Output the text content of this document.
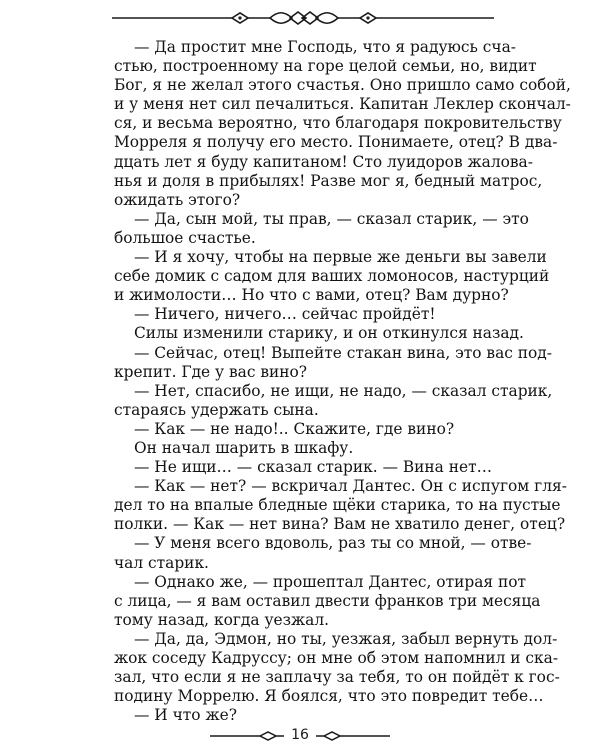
— Да простит мне Господь, что я радуюсь сча-
стью, построенному на горе целой семьи, но, видит
Бог, я не желал этого счастья. Оно пришло само собой,
и у меня нет сил печалиться. Капитан Леклер скончал-
ся, и весьма вероятно, что благодаря покровительству
Морреля я получу его место. Понимаете, отец? В два-
дцать лет я буду капитаном! Сто луидоров жалова-
нья и доля в прибылях! Разве мог я, бедный матрос,
ожидать этого?

— Да, сын мой, ты прав, — сказал старик, — это
большое счастье.

— И я хочу, чтобы на первые же деньги вы завели
себе домик с садом для ваших ломоносов, настурций
и жимолости… Но что с вами, отец? Вам дурно?

— Ничего, ничего… сейчас пройдёт!

Силы изменили старику, и он откинулся назад.

— Сейчас, отец! Выпейте стакан вина, это вас под-
крепит. Где у вас вино?

— Нет, спасибо, не ищи, не надо, — сказал старик,
стараясь удержать сына.

— Как — не надо!.. Скажите, где вино?

Он начал шарить в шкафу.

— Не ищи… — сказал старик. — Вина нет…

— Как — нет? — вскричал Дантес. Он с испугом гля-
дел то на впалые бледные щёки старика, то на пустые
полки. — Как — нет вина? Вам не хватило денег, отец?

— У меня всего вдоволь, раз ты со мной, — отве-
чал старик.

— Однако же, — прошептал Дантес, отирая пот
с лица, — я вам оставил двести франков три месяца
тому назад, когда уезжал.

— Да, да, Эдмон, но ты, уезжая, забыл вернуть дол-
жок соседу Кадруссу; он мне об этом напомнил и ска-
зал, что если я не заплачу за тебя, то он пойдёт к гос-
подину Моррелю. Я боялся, что это повредит тебе…

— И что же?

16
